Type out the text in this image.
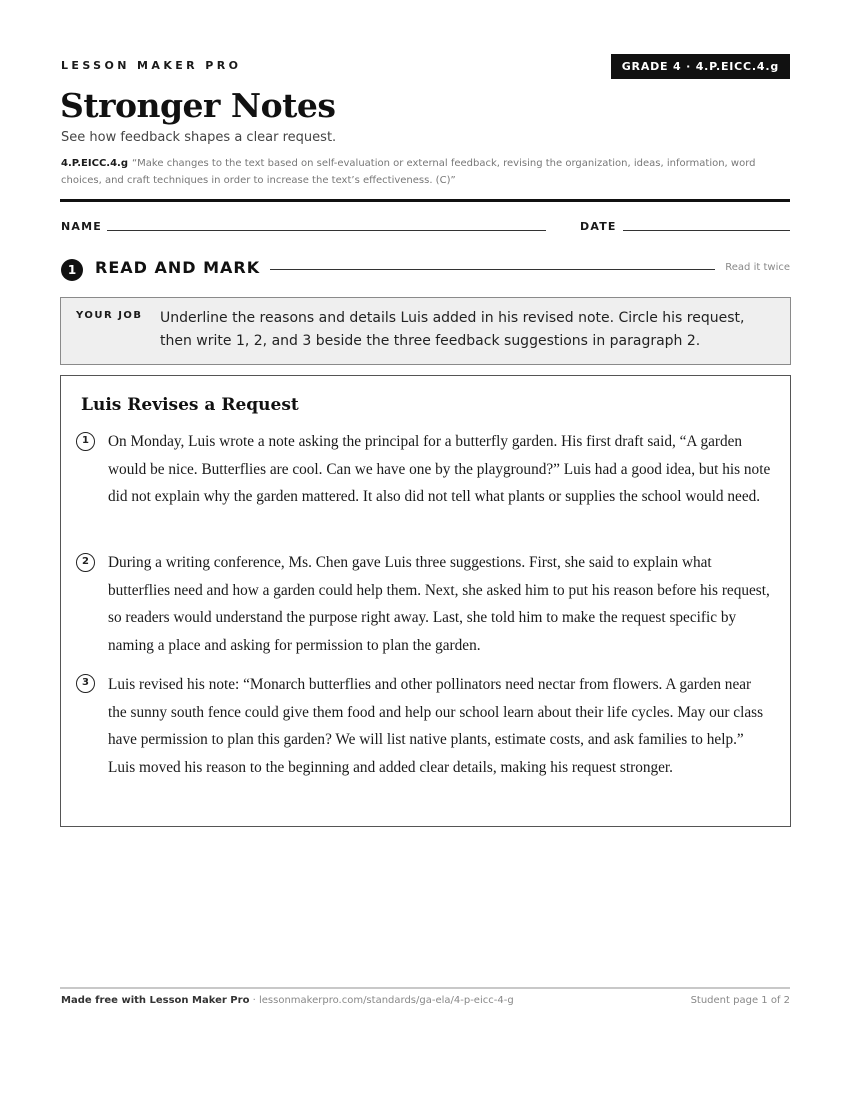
LESSON MAKER PRO	GRADE 4 · 4.P.EICC.4.g
Stronger Notes
See how feedback shapes a clear request.
4.P.EICC.4.g “Make changes to the text based on self-evaluation or external feedback, revising the organization, ideas, information, word choices, and craft techniques in order to increase the text’s effectiveness. (C)”
NAME	DATE
1	READ AND MARK	Read it twice
YOUR JOB Underline the reasons and details Luis added in his revised note. Circle his request, then write 1, 2, and 3 beside the three feedback suggestions in paragraph 2.
Luis Revises a Request
1	On Monday, Luis wrote a note asking the principal for a butterfly garden. His first draft said, “A garden would be nice. Butterflies are cool. Can we have one by the playground?” Luis had a good idea, but his note did not explain why the garden mattered. It also did not tell what plants or supplies the school would need.
2	During a writing conference, Ms. Chen gave Luis three suggestions. First, she said to explain what butterflies need and how a garden could help them. Next, she asked him to put his reason before his request, so readers would understand the purpose right away. Last, she told him to make the request specific by naming a place and asking for permission to plan the garden.
3	Luis revised his note: “Monarch butterflies and other pollinators need nectar from flowers. A garden near the sunny south fence could give them food and help our school learn about their life cycles. May our class have permission to plan this garden? We will list native plants, estimate costs, and ask families to help.” Luis moved his reason to the beginning and added clear details, making his request stronger.
Made free with Lesson Maker Pro · lessonmakerpro.com/standards/ga-ela/4-p-eicc-4-g	Student page 1 of 2
